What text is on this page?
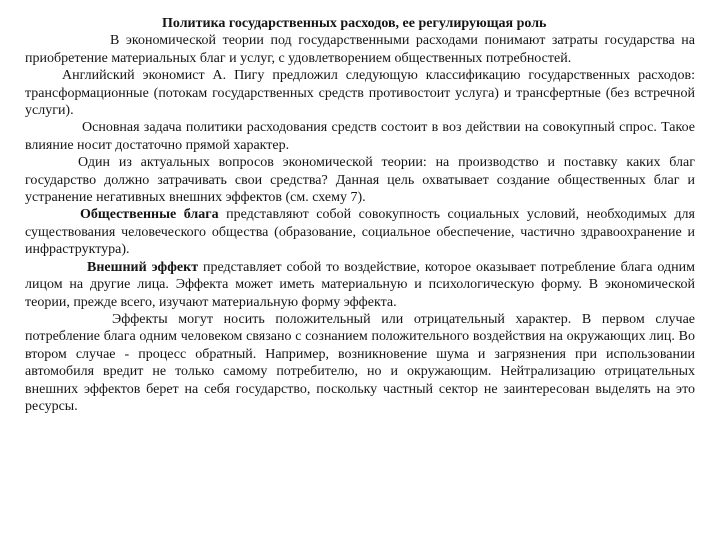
Политика государственных расходов, ее регулирующая роль

В экономической теории под государственными расходами понимают затраты государства на приобретение материальных благ и услуг, с удовлетворением общественных потребностей.

Английский экономист А. Пигу предложил следующую классификацию государственных расходов: трансформационные (потокам государственных средств противостоит услуга) и трансфертные (без встречной услуги).

Основная задача политики расходования средств состоит в воз действии на совокупный спрос. Такое влияние носит достаточно прямой характер.

Один из актуальных вопросов экономической теории: на производство и поставку каких благ государство должно затрачивать свои средства? Данная цель охватывает создание общественных благ и устранение негативных внешних эффектов (см. схему 7).

Общественные блага представляют собой совокупность социальных условий, необходимых для существования человеческого общества (образование, социальное обеспечение, частично здравоохранение и инфраструктура).

Внешний эффект представляет собой то воздействие, которое оказывает потребление блага одним лицом на другие лица. Эффекта может иметь материальную и психологическую форму. В экономической теории, прежде всего, изучают материальную форму эффекта.

Эффекты могут носить положительный или отрицательный характер. В первом случае потребление блага одним человеком связано с сознанием положительного воздействия на окружающих лиц. Во втором случае - процесс обратный. Например, возникновение шума и загрязнения при использовании автомобиля вредит не только самому потребителю, но и окружающим. Нейтрализацию отрицательных внешних эффектов берет на себя государство, поскольку частный сектор не заинтересован выделять на это ресурсы.
